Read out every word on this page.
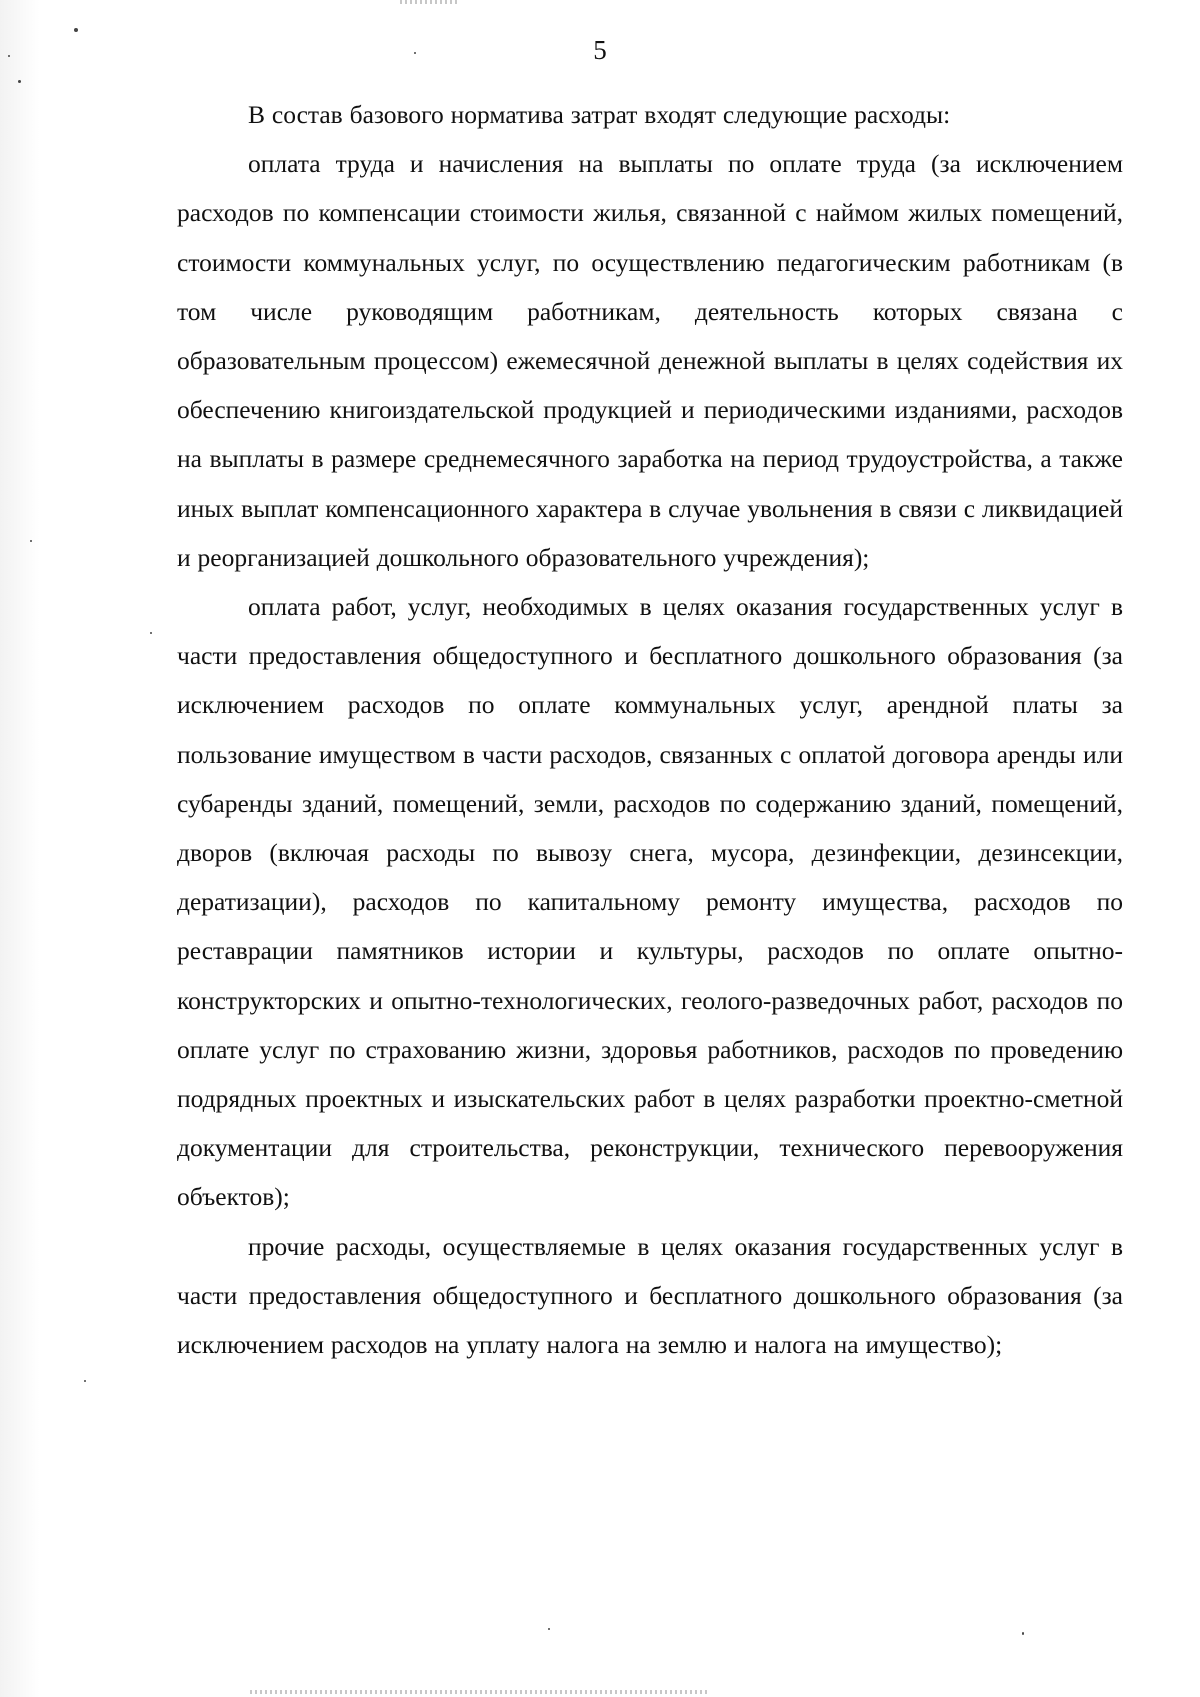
5

В состав базового норматива затрат входят следующие расходы:

оплата труда и начисления на выплаты по оплате труда (за исключением расходов по компенсации стоимости жилья, связанной с наймом жилых помещений, стоимости коммунальных услуг, по осуществлению педагогическим работникам (в том числе руководящим работникам, деятельность которых связана с образовательным процессом) ежемесячной денежной выплаты в целях содействия их обеспечению книгоиздательской продукцией и периодическими изданиями, расходов на выплаты в размере среднемесячного заработка на период трудоустройства, а также иных выплат компенсационного характера в случае увольнения в связи с ликвидацией и реорганизацией дошкольного образовательного учреждения);

оплата работ, услуг, необходимых в целях оказания государственных услуг в части предоставления общедоступного и бесплатного дошкольного образования (за исключением расходов по оплате коммунальных услуг, арендной платы за пользование имуществом в части расходов, связанных с оплатой договора аренды или субаренды зданий, помещений, земли, расходов по содержанию зданий, помещений, дворов (включая расходы по вывозу снега, мусора, дезинфекции, дезинсекции, дератизации), расходов по капитальному ремонту имущества, расходов по реставрации памятников истории и культуры, расходов по оплате опытно-конструкторских и опытно-технологических, геолого-разведочных работ, расходов по оплате услуг по страхованию жизни, здоровья работников, расходов по проведению подрядных проектных и изыскательских работ в целях разработки проектно-сметной документации для строительства, реконструкции, технического перевооружения объектов);

прочие расходы, осуществляемые в целях оказания государственных услуг в части предоставления общедоступного и бесплатного дошкольного образования (за исключением расходов на уплату налога на землю и налога на имущество);
